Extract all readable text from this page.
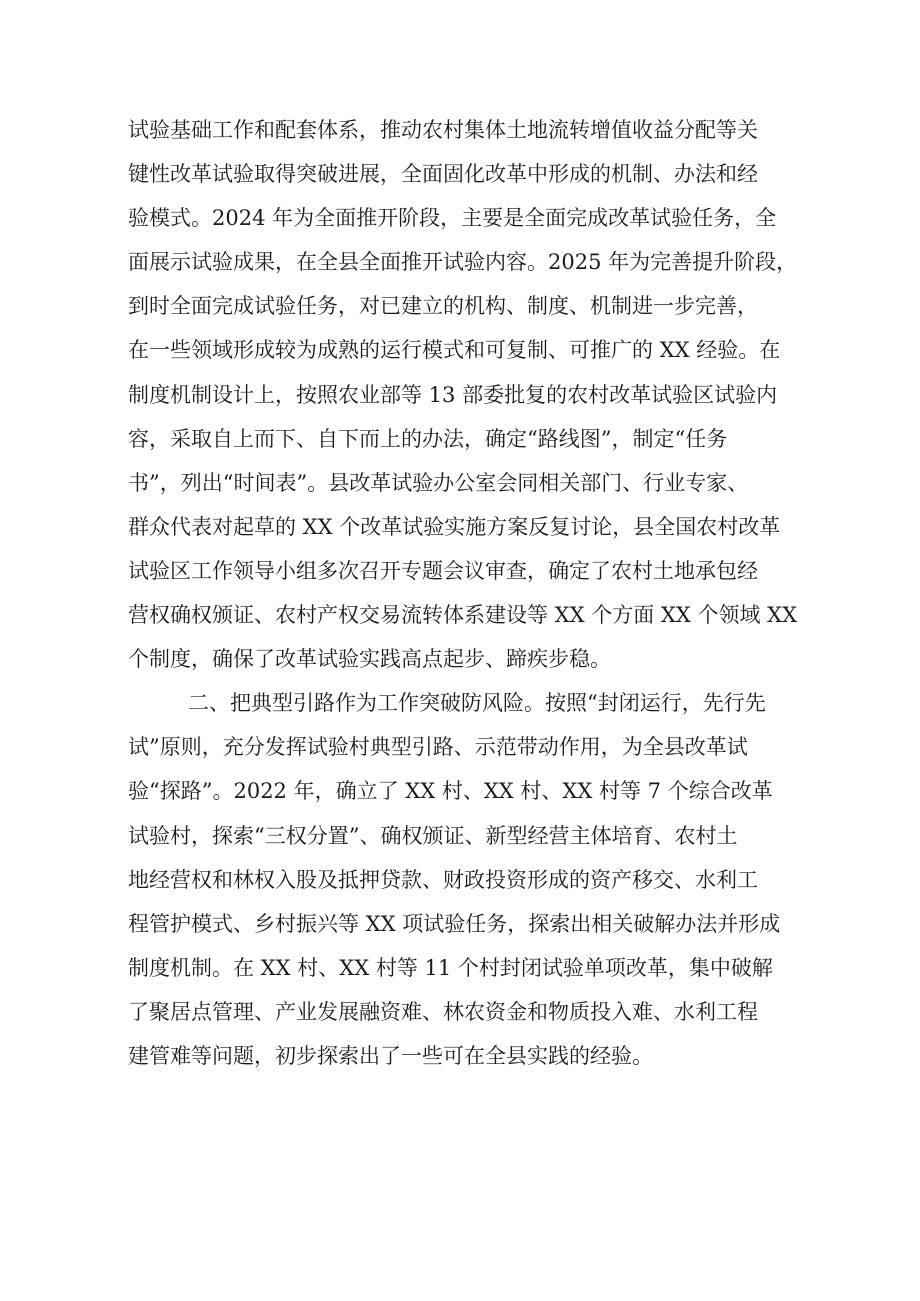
试验基础工作和配套体系，推动农村集体土地流转增值收益分配等关
键性改革试验取得突破进展，全面固化改革中形成的机制、办法和经
验模式。2024 年为全面推开阶段，主要是全面完成改革试验任务，全
面展示试验成果，在全县全面推开试验内容。2025 年为完善提升阶段，
到时全面完成试验任务，对已建立的机构、制度、机制进一步完善，
在一些领域形成较为成熟的运行模式和可复制、可推广的 XX 经验。在
制度机制设计上，按照农业部等 13 部委批复的农村改革试验区试验内
容，采取自上而下、自下而上的办法，确定“路线图”，制定“任务
书”，列出“时间表”。县改革试验办公室会同相关部门、行业专家、
群众代表对起草的 XX 个改革试验实施方案反复讨论，县全国农村改革
试验区工作领导小组多次召开专题会议审查，确定了农村土地承包经
营权确权颁证、农村产权交易流转体系建设等 XX 个方面 XX 个领域 XX
个制度，确保了改革试验实践高点起步、蹄疾步稳。
二、把典型引路作为工作突破防风险。按照“封闭运行，先行先
试”原则，充分发挥试验村典型引路、示范带动作用，为全县改革试
验“探路”。2022 年，确立了 XX 村、XX 村、XX 村等 7 个综合改革
试验村，探索“三权分置”、确权颁证、新型经营主体培育、农村土
地经营权和林权入股及抵押贷款、财政投资形成的资产移交、水利工
程管护模式、乡村振兴等 XX 项试验任务，探索出相关破解办法并形成
制度机制。在 XX 村、XX 村等 11 个村封闭试验单项改革，集中破解
了聚居点管理、产业发展融资难、林农资金和物质投入难、水利工程
建管难等问题，初步探索出了一些可在全县实践的经验。
